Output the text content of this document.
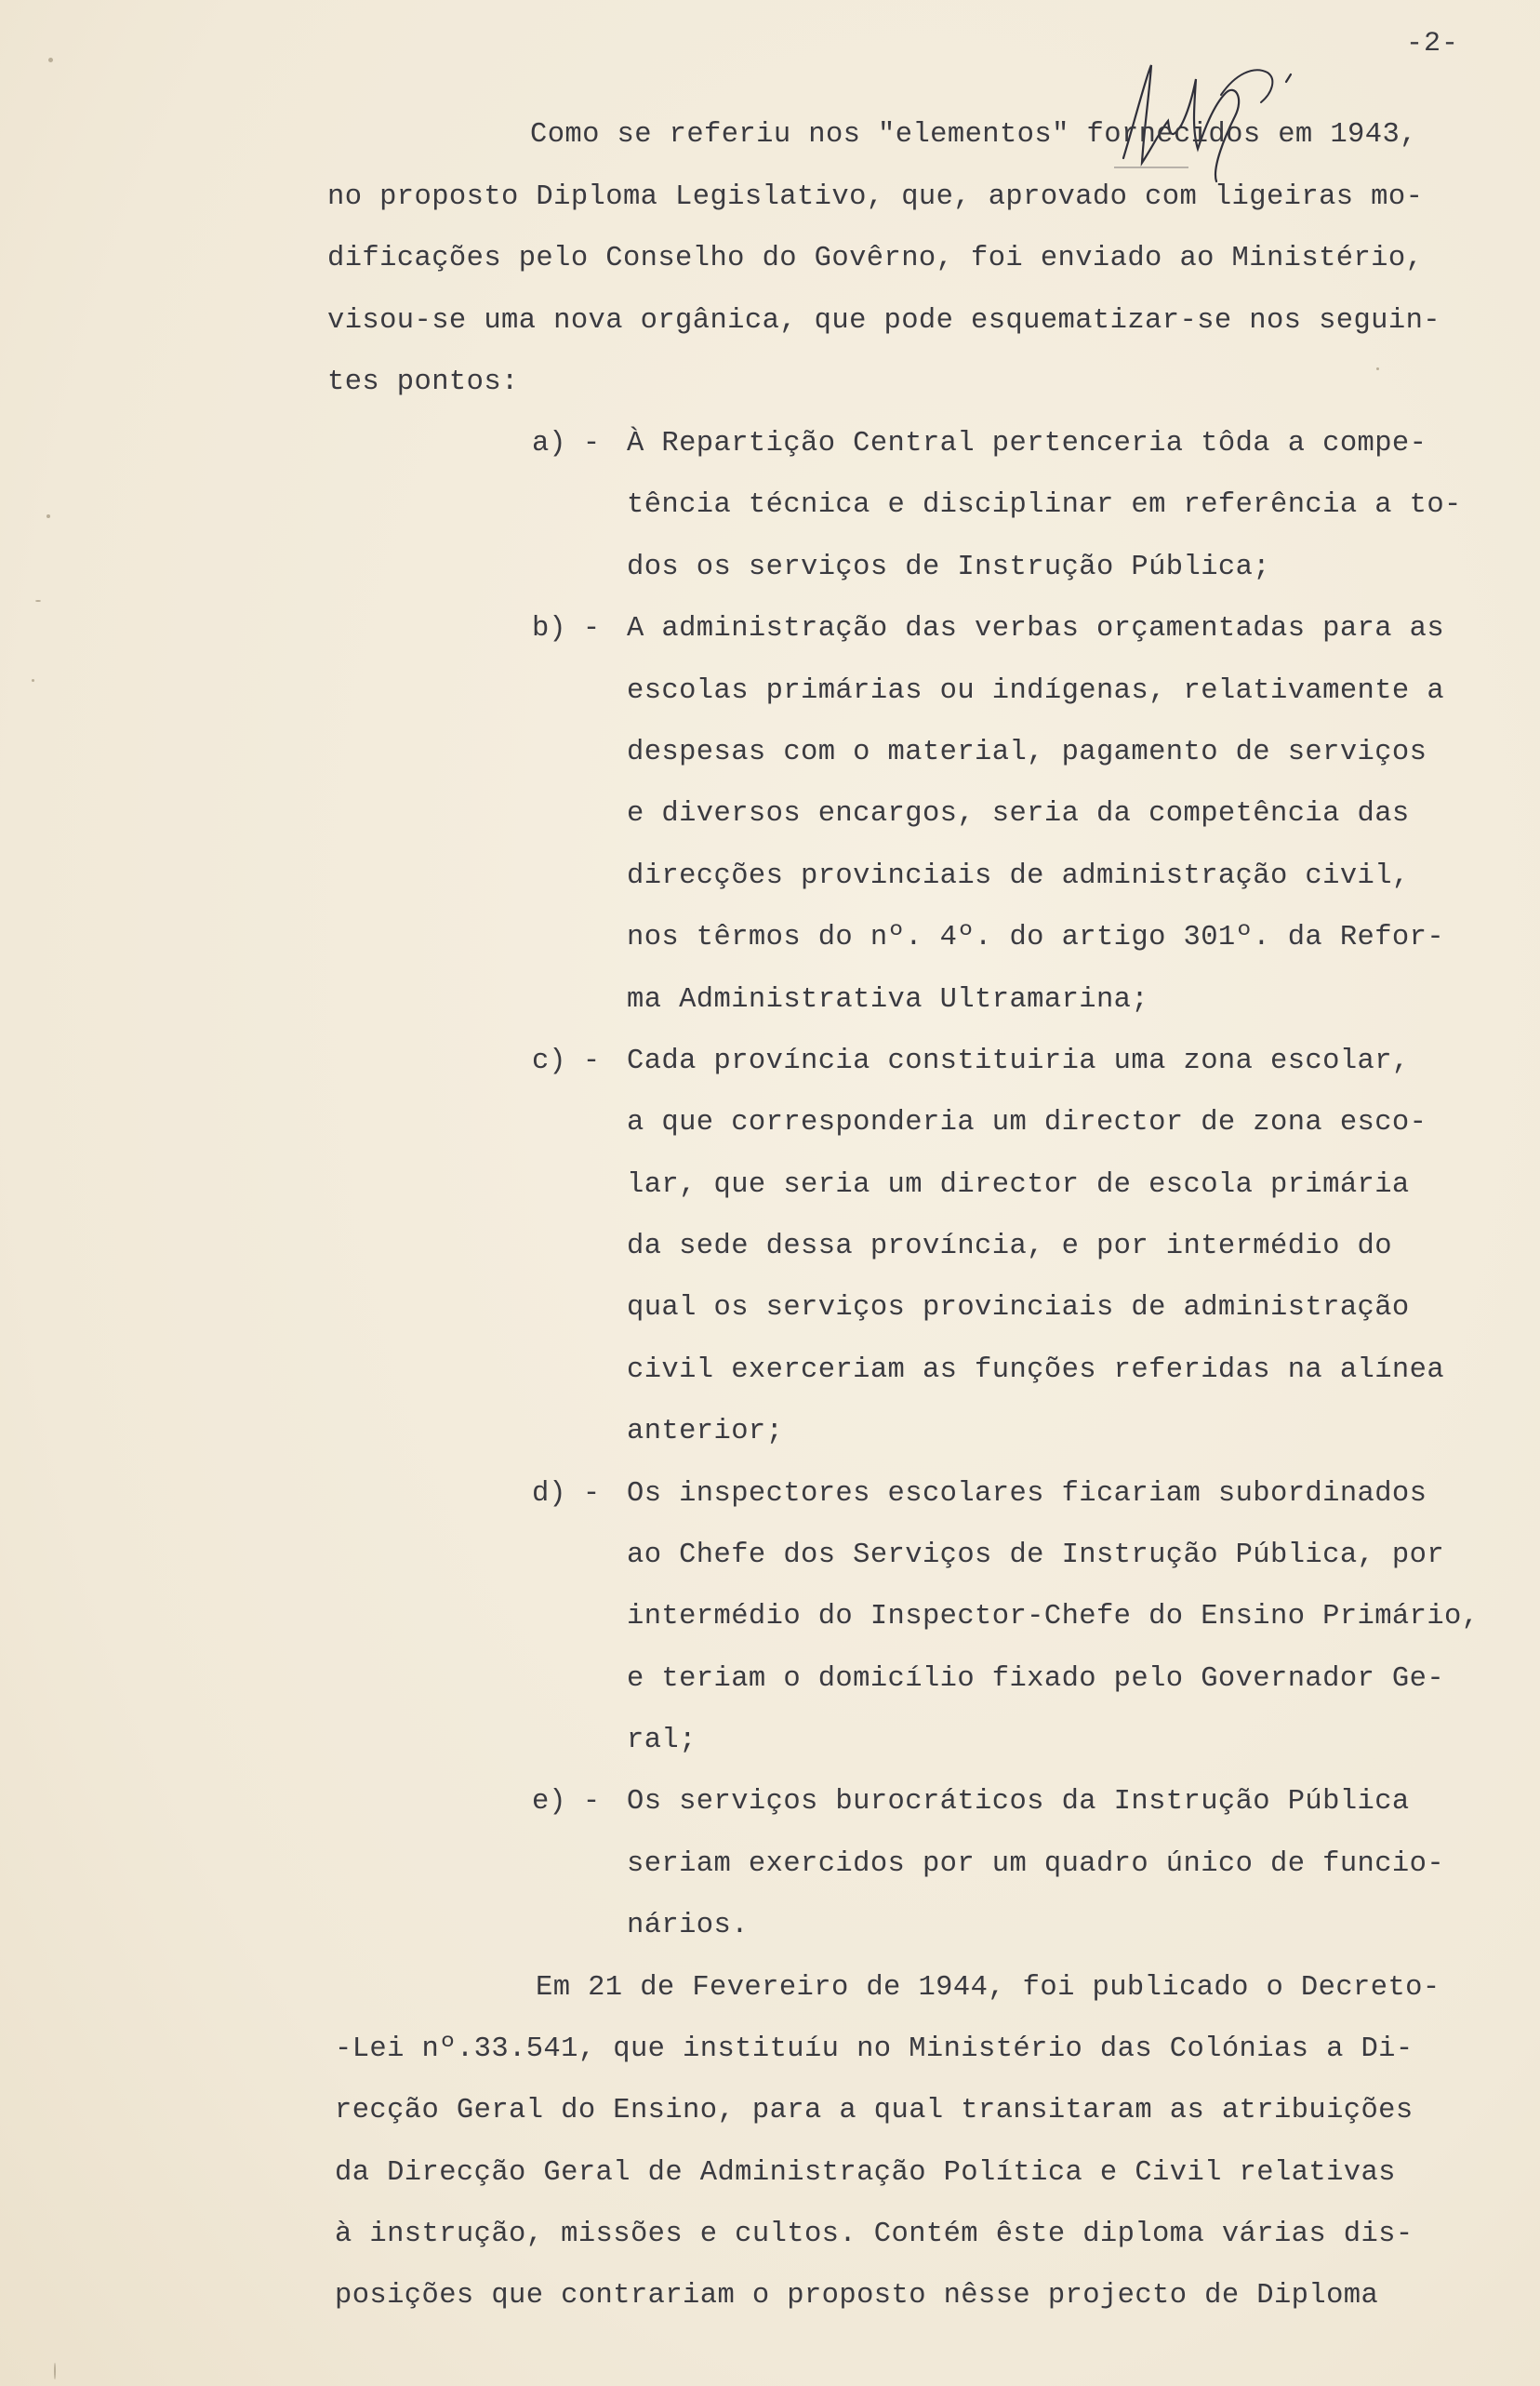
-2-
Como se referiu nos "elementos" fornecidos em 1943,
no proposto Diploma Legislativo, que, aprovado com ligeiras mo-
dificações pelo Conselho do Govêrno, foi enviado ao Ministério,
visou-se uma nova orgânica, que pode esquematizar-se nos seguin-
tes pontos:
a) - À Repartição Central pertenceria tôda a compe-
tência técnica e disciplinar em referência a to-
dos os serviços de Instrução Pública;
b) - A administração das verbas orçamentadas para as
escolas primárias ou indígenas, relativamente a
despesas com o material, pagamento de serviços
e diversos encargos, seria da competência das
direcções provinciais de administração civil,
nos têrmos do nº. 4º. do artigo 301º. da Refor-
ma Administrativa Ultramarina;
c) - Cada província constituiria uma zona escolar,
a que corresponderia um director de zona esco-
lar, que seria um director de escola primária
da sede dessa província, e por intermédio do
qual os serviços provinciais de administração
civil exerceriam as funções referidas na alínea
anterior;
d) - Os inspectores escolares ficariam subordinados
ao Chefe dos Serviços de Instrução Pública, por
intermédio do Inspector-Chefe do Ensino Primário,
e teriam o domicílio fixado pelo Governador Ge-
ral;
e) - Os serviços burocráticos da Instrução Pública
seriam exercidos por um quadro único de funcio-
nários.
Em 21 de Fevereiro de 1944, foi publicado o Decreto-
-Lei nº.33.541, que instituíu no Ministério das Colónias a Di-
recção Geral do Ensino, para a qual transitaram as atribuições
da Direcção Geral de Administração Política e Civil relativas
à instrução, missões e cultos. Contém êste diploma várias dis-
posições que contrariam o proposto nêsse projecto de Diploma
